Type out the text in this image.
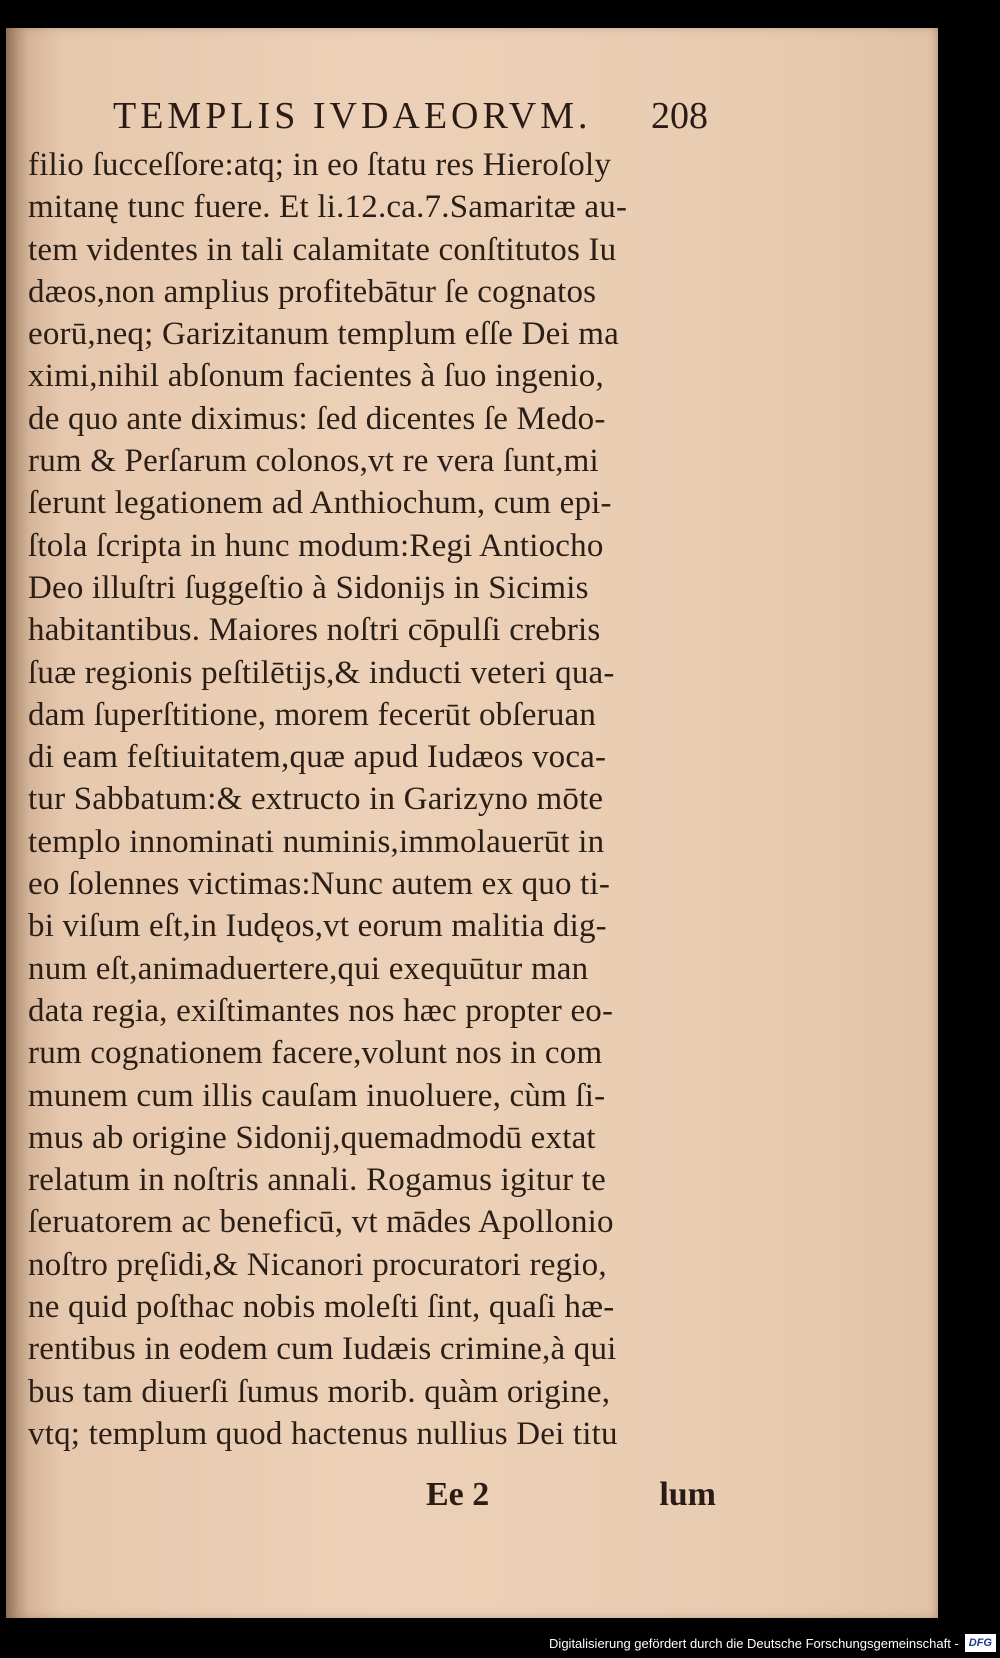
TEMPLIS IVDAEORVM. 208
filio ſucceſſore:atq; in eo ſtatu res Hieroſoly
mitanę tunc fuere. Et li.12.ca.7.Samaritæ au-
tem videntes in tali calamitate conſtitutos Iu
dæos,non amplius profitebātur ſe cognatos
eorū,neq; Garizitanum templum eſſe Dei ma
ximi,nihil abſonum facientes à ſuo ingenio,
de quo ante diximus: ſed dicentes ſe Medo-
rum & Perſarum colonos,vt re vera ſunt,mi
ſerunt legationem ad Anthiochum, cum epi-
ſtola ſcripta in hunc modum:Regi Antiocho
Deo illuſtri ſuggeſtio à Sidonijs in Sicimis
habitantibus. Maiores noſtri cōpulſi crebris
ſuæ regionis peſtilētijs,& inducti veteri qua-
dam ſuperſtitione, morem fecerūt obſeruan
di eam feſtiuitatem,quæ apud Iudæos voca-
tur Sabbatum:& extructo in Garizyno mōte
templo innominati numinis,immolauerūt in
eo ſolennes victimas:Nunc autem ex quo ti-
bi viſum eſt,in Iudęos,vt eorum malitia dig-
num eſt,animaduertere,qui exequūtur man
data regia, exiſtimantes nos hæc propter eo-
rum cognationem facere,volunt nos in com
munem cum illis cauſam inuoluere, cùm ſi-
mus ab origine Sidonij,quemadmodū extat
relatum in noſtris annali. Rogamus igitur te
ſeruatorem ac beneficū, vt mādes Apollonio
noſtro pręſidi,& Nicanori procuratori regio,
ne quid poſthac nobis moleſti ſint, quaſi hæ-
rentibus in eodem cum Iudæis crimine,à qui
bus tam diuerſi ſumus morib. quàm origine,
vtq; templum quod hactenus nullius Dei titu
Ee 2	lum
Digitalisierung gefördert durch die Deutsche Forschungsgemeinschaft - DFG
